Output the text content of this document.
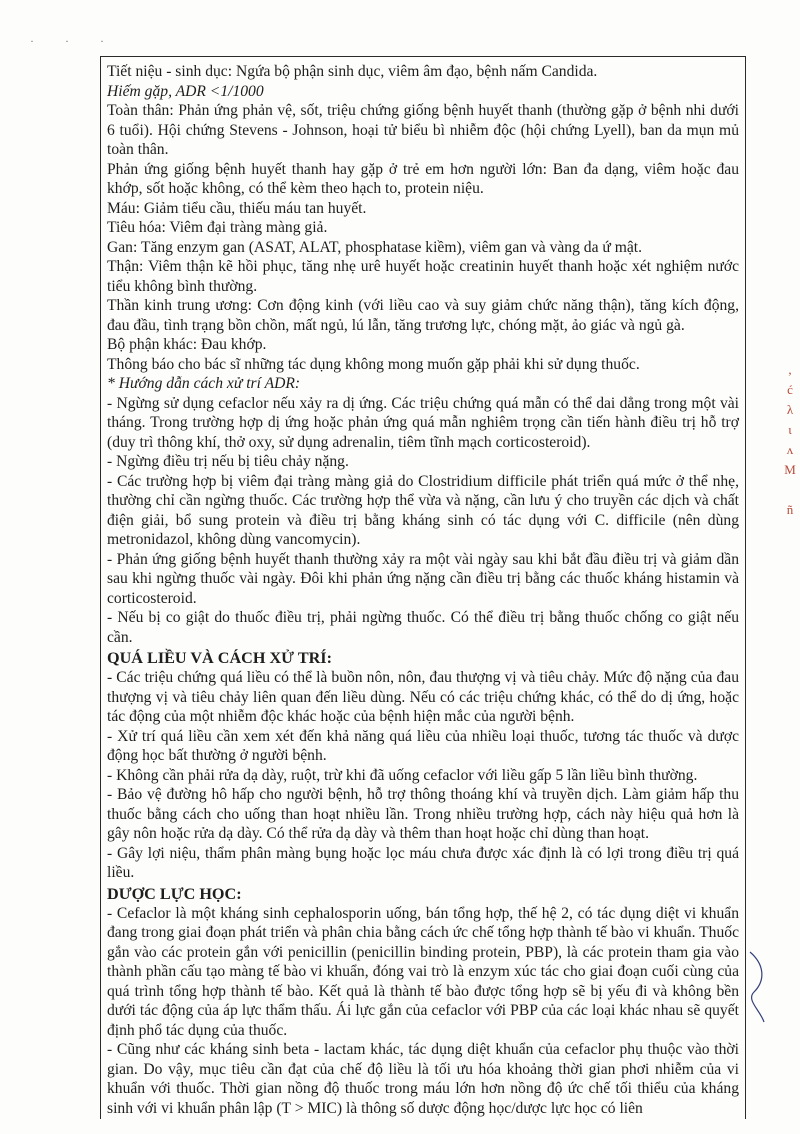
· · ·

Tiết niệu - sinh dục: Ngứa bộ phận sinh dục, viêm âm đạo, bệnh nấm Candida.

Hiếm gặp, ADR <1/1000

Toàn thân: Phản ứng phản vệ, sốt, triệu chứng giống bệnh huyết thanh (thường gặp ở bệnh nhi dưới 6 tuổi). Hội chứng Stevens - Johnson, hoại tử biểu bì nhiễm độc (hội chứng Lyell), ban da mụn mủ toàn thân.

Phản ứng giống bệnh huyết thanh hay gặp ở trẻ em hơn người lớn: Ban đa dạng, viêm hoặc đau khớp, sốt hoặc không, có thể kèm theo hạch to, protein niệu.

Máu: Giảm tiểu cầu, thiếu máu tan huyết.

Tiêu hóa: Viêm đại tràng màng giả.

Gan: Tăng enzym gan (ASAT, ALAT, phosphatase kiềm), viêm gan và vàng da ứ mật.

Thận: Viêm thận kẽ hồi phục, tăng nhẹ urê huyết hoặc creatinin huyết thanh hoặc xét nghiệm nước tiểu không bình thường.

Thần kinh trung ương: Cơn động kinh (với liều cao và suy giảm chức năng thận), tăng kích động, đau đầu, tình trạng bồn chồn, mất ngủ, lú lẫn, tăng trương lực, chóng mặt, ảo giác và ngủ gà.

Bộ phận khác: Đau khớp.

Thông báo cho bác sĩ những tác dụng không mong muốn gặp phải khi sử dụng thuốc.

* Hướng dẫn cách xử trí ADR:

- Ngừng sử dụng cefaclor nếu xảy ra dị ứng. Các triệu chứng quá mẫn có thể dai dẳng trong một vài tháng. Trong trường hợp dị ứng hoặc phản ứng quá mẫn nghiêm trọng cần tiến hành điều trị hỗ trợ (duy trì thông khí, thở oxy, sử dụng adrenalin, tiêm tĩnh mạch corticosteroid).

- Ngừng điều trị nếu bị tiêu chảy nặng.

- Các trường hợp bị viêm đại tràng màng giả do Clostridium difficile phát triển quá mức ở thể nhẹ, thường chỉ cần ngừng thuốc. Các trường hợp thể vừa và nặng, cần lưu ý cho truyền các dịch và chất điện giải, bổ sung protein và điều trị bằng kháng sinh có tác dụng với C. difficile (nên dùng metronidazol, không dùng vancomycin).

- Phản ứng giống bệnh huyết thanh thường xảy ra một vài ngày sau khi bắt đầu điều trị và giảm dần sau khi ngừng thuốc vài ngày. Đôi khi phản ứng nặng cần điều trị bằng các thuốc kháng histamin và corticosteroid.

- Nếu bị co giật do thuốc điều trị, phải ngừng thuốc. Có thể điều trị bằng thuốc chống co giật nếu cần.

QUÁ LIỀU VÀ CÁCH XỬ TRÍ:

- Các triệu chứng quá liều có thể là buồn nôn, nôn, đau thượng vị và tiêu chảy. Mức độ nặng của đau thượng vị và tiêu chảy liên quan đến liều dùng. Nếu có các triệu chứng khác, có thể do dị ứng, hoặc tác động của một nhiễm độc khác hoặc của bệnh hiện mắc của người bệnh.

- Xử trí quá liều cần xem xét đến khả năng quá liều của nhiều loại thuốc, tương tác thuốc và dược động học bất thường ở người bệnh.

- Không cần phải rửa dạ dày, ruột, trừ khi đã uống cefaclor với liều gấp 5 lần liều bình thường.

- Bảo vệ đường hô hấp cho người bệnh, hỗ trợ thông thoáng khí và truyền dịch. Làm giảm hấp thu thuốc bằng cách cho uống than hoạt nhiều lần. Trong nhiều trường hợp, cách này hiệu quả hơn là gây nôn hoặc rửa dạ dày. Có thể rửa dạ dày và thêm than hoạt hoặc chỉ dùng than hoạt.

- Gây lợi niệu, thẩm phân màng bụng hoặc lọc máu chưa được xác định là có lợi trong điều trị quá liều.

DƯỢC LỰC HỌC:

- Cefaclor là một kháng sinh cephalosporin uống, bán tổng hợp, thế hệ 2, có tác dụng diệt vi khuẩn đang trong giai đoạn phát triển và phân chia bằng cách ức chế tổng hợp thành tế bào vi khuẩn. Thuốc gắn vào các protein gắn với penicillin (penicillin binding protein, PBP), là các protein tham gia vào thành phần cấu tạo màng tế bào vi khuẩn, đóng vai trò là enzym xúc tác cho giai đoạn cuối cùng của quá trình tổng hợp thành tế bào. Kết quả là thành tế bào được tổng hợp sẽ bị yếu đi và không bền dưới tác động của áp lực thẩm thấu. Ái lực gắn của cefaclor với PBP của các loại khác nhau sẽ quyết định phổ tác dụng của thuốc.

- Cũng như các kháng sinh beta - lactam khác, tác dụng diệt khuẩn của cefaclor phụ thuộc vào thời gian. Do vậy, mục tiêu cần đạt của chế độ liều là tối ưu hóa khoảng thời gian phơi nhiễm của vi khuẩn với thuốc. Thời gian nồng độ thuốc trong máu lớn hơn nồng độ ức chế tối thiểu của kháng sinh với vi khuẩn phân lập (T > MIC) là thông số dược động học/dược lực học có liên

,
ć
λ
ι
ʌ
M

ñ
